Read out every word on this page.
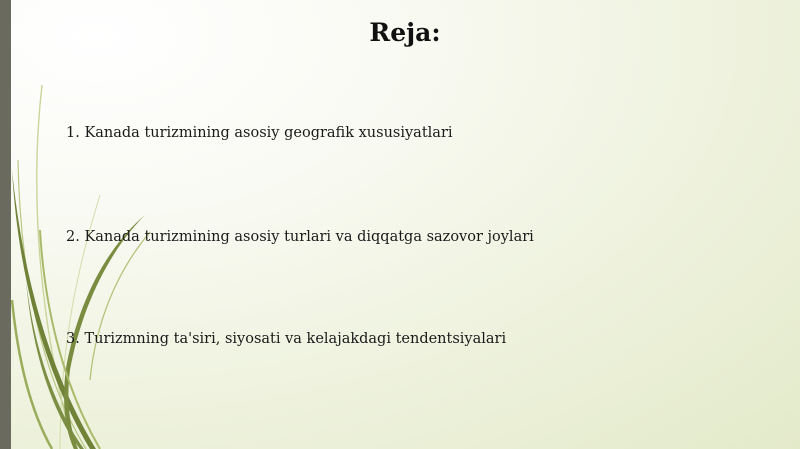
Reja:
1. Kanada turizmining asosiy geografik xususiyatlari
2. Kanada turizmining asosiy turlari va diqqatga sazovor joylari
3. Turizmning ta'siri, siyosati va kelajakdagi tendentsiyalari
